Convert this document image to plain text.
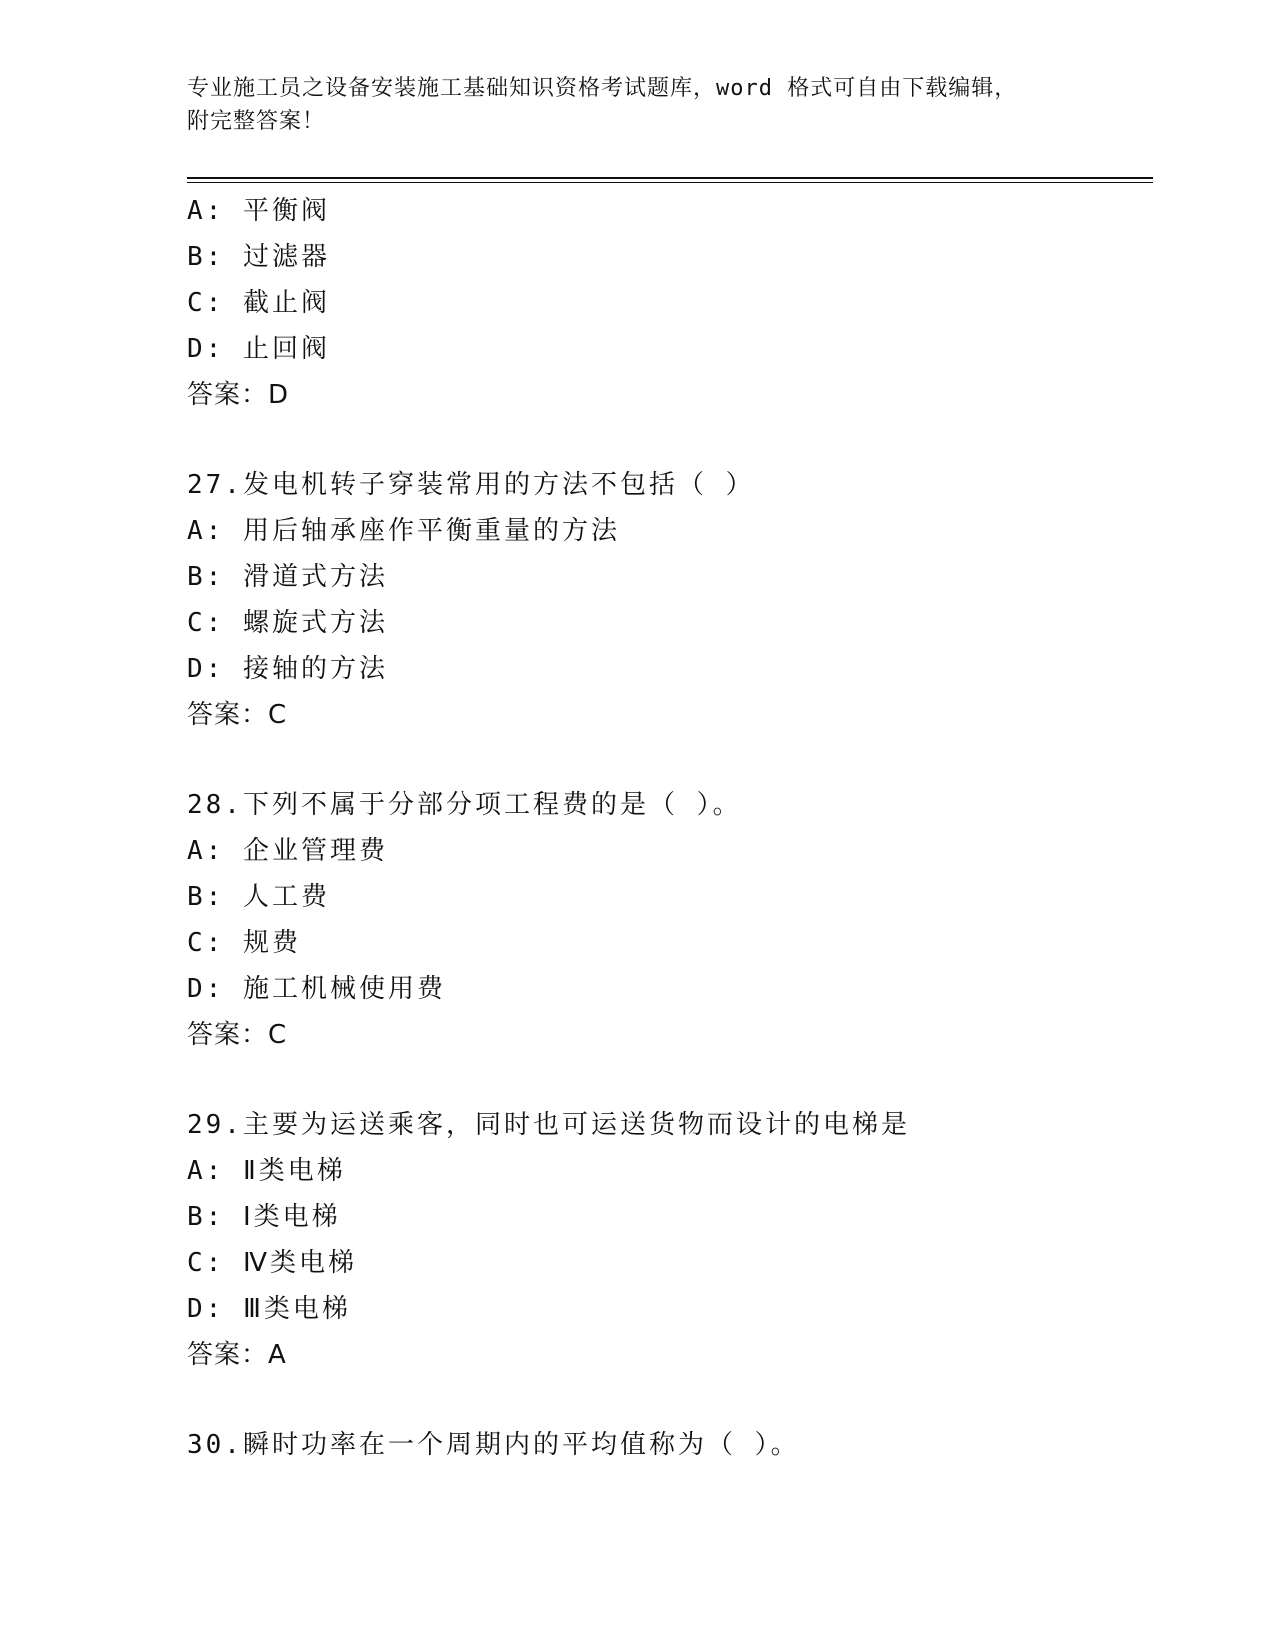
专业施工员之设备安装施工基础知识资格考试题库，word 格式可自由下载编辑，
附完整答案！
A: 平衡阀
B: 过滤器
C: 截止阀
D: 止回阀
答案：D
27.发电机转子穿装常用的方法不包括（ ）
A: 用后轴承座作平衡重量的方法
B: 滑道式方法
C: 螺旋式方法
D: 接轴的方法
答案：C
28.下列不属于分部分项工程费的是（ ）。
A: 企业管理费
B: 人工费
C: 规费
D: 施工机械使用费
答案：C
29.主要为运送乘客，同时也可运送货物而设计的电梯是
A: Ⅱ类电梯
B: Ⅰ类电梯
C: Ⅳ类电梯
D: Ⅲ类电梯
答案：A
30.瞬时功率在一个周期内的平均值称为（ ）。
